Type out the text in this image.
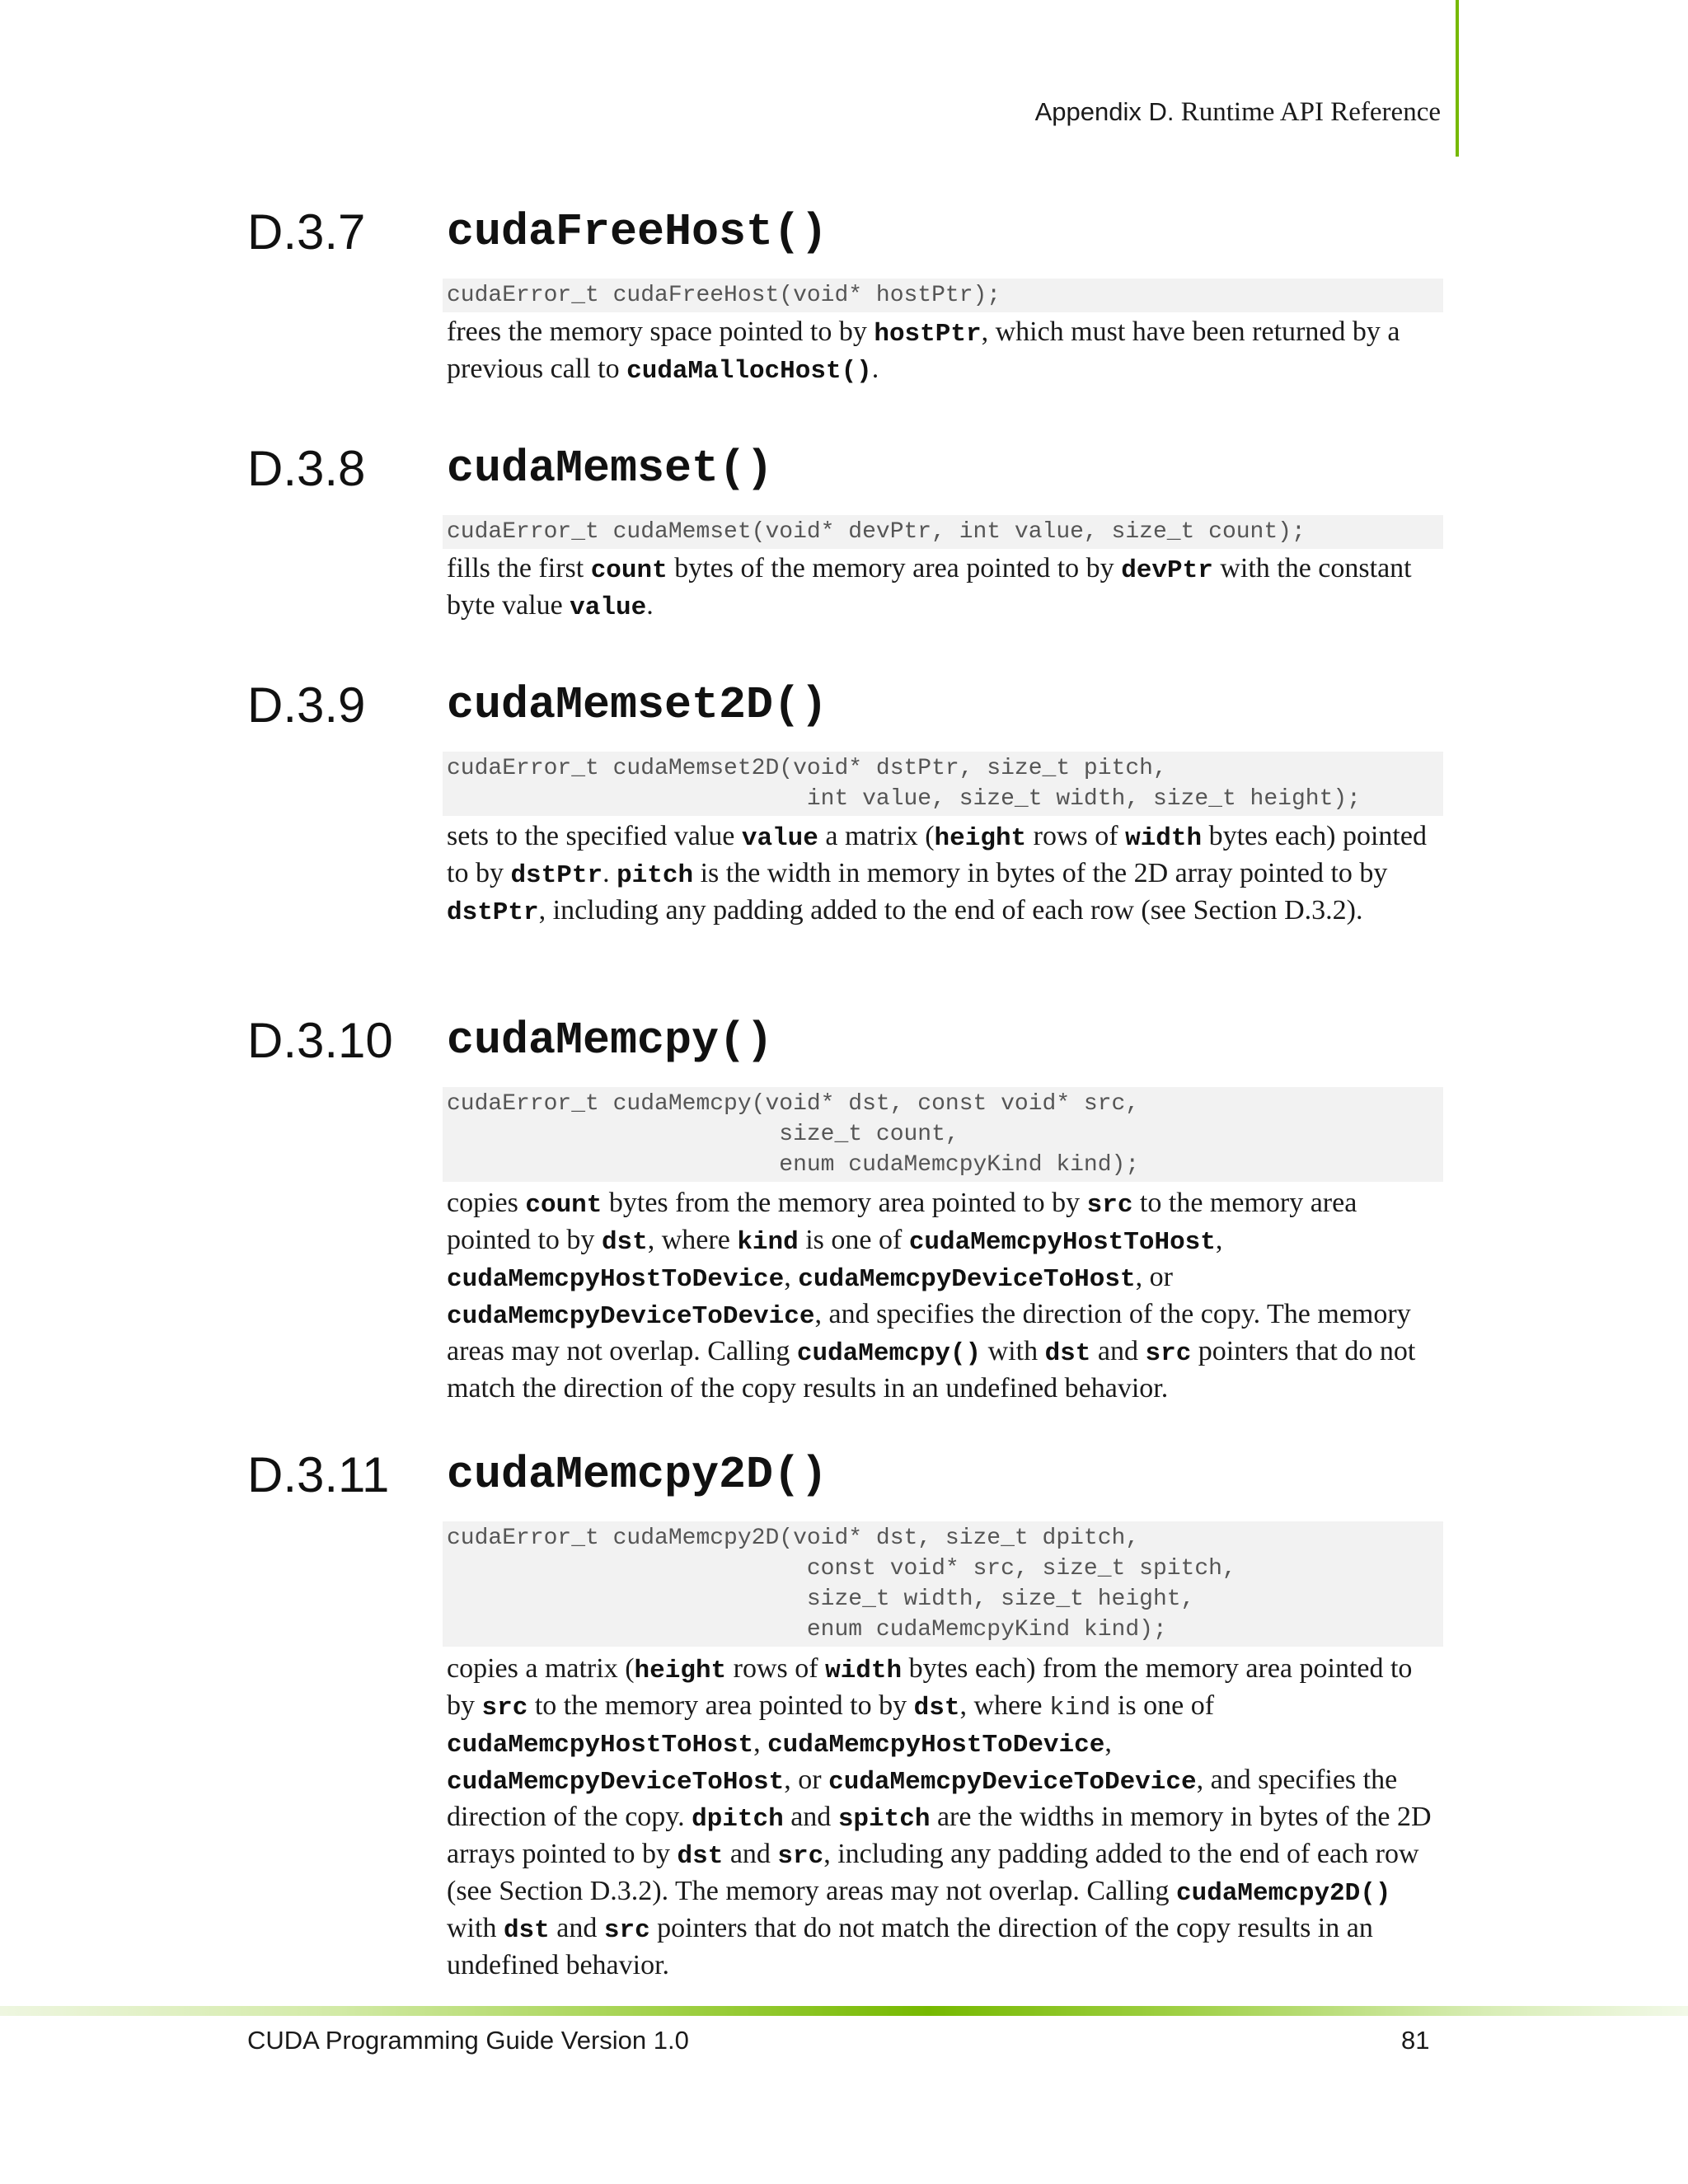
Appendix D. Runtime API Reference
D.3.7 cudaFreeHost()
cudaError_t cudaFreeHost(void* hostPtr);
frees the memory space pointed to by hostPtr, which must have been returned by a previous call to cudaMallocHost().
D.3.8 cudaMemset()
cudaError_t cudaMemset(void* devPtr, int value, size_t count);
fills the first count bytes of the memory area pointed to by devPtr with the constant byte value value.
D.3.9 cudaMemset2D()
cudaError_t cudaMemset2D(void* dstPtr, size_t pitch,
int value, size_t width, size_t height);
sets to the specified value value a matrix (height rows of width bytes each) pointed to by dstPtr. pitch is the width in memory in bytes of the 2D array pointed to by dstPtr, including any padding added to the end of each row (see Section D.3.2).
D.3.10 cudaMemcpy()
cudaError_t cudaMemcpy(void* dst, const void* src,
size_t count,
enum cudaMemcpyKind kind);
copies count bytes from the memory area pointed to by src to the memory area pointed to by dst, where kind is one of cudaMemcpyHostToHost, cudaMemcpyHostToDevice, cudaMemcpyDeviceToHost, or cudaMemcpyDeviceToDevice, and specifies the direction of the copy. The memory areas may not overlap. Calling cudaMemcpy() with dst and src pointers that do not match the direction of the copy results in an undefined behavior.
D.3.11 cudaMemcpy2D()
cudaError_t cudaMemcpy2D(void* dst, size_t dpitch,
const void* src, size_t spitch,
size_t width, size_t height,
enum cudaMemcpyKind kind);
copies a matrix (height rows of width bytes each) from the memory area pointed to by src to the memory area pointed to by dst, where kind is one of cudaMemcpyHostToHost, cudaMemcpyHostToDevice, cudaMemcpyDeviceToHost, or cudaMemcpyDeviceToDevice, and specifies the direction of the copy. dpitch and spitch are the widths in memory in bytes of the 2D arrays pointed to by dst and src, including any padding added to the end of each row (see Section D.3.2). The memory areas may not overlap. Calling cudaMemcpy2D() with dst and src pointers that do not match the direction of the copy results in an undefined behavior.
CUDA Programming Guide Version 1.0	81
